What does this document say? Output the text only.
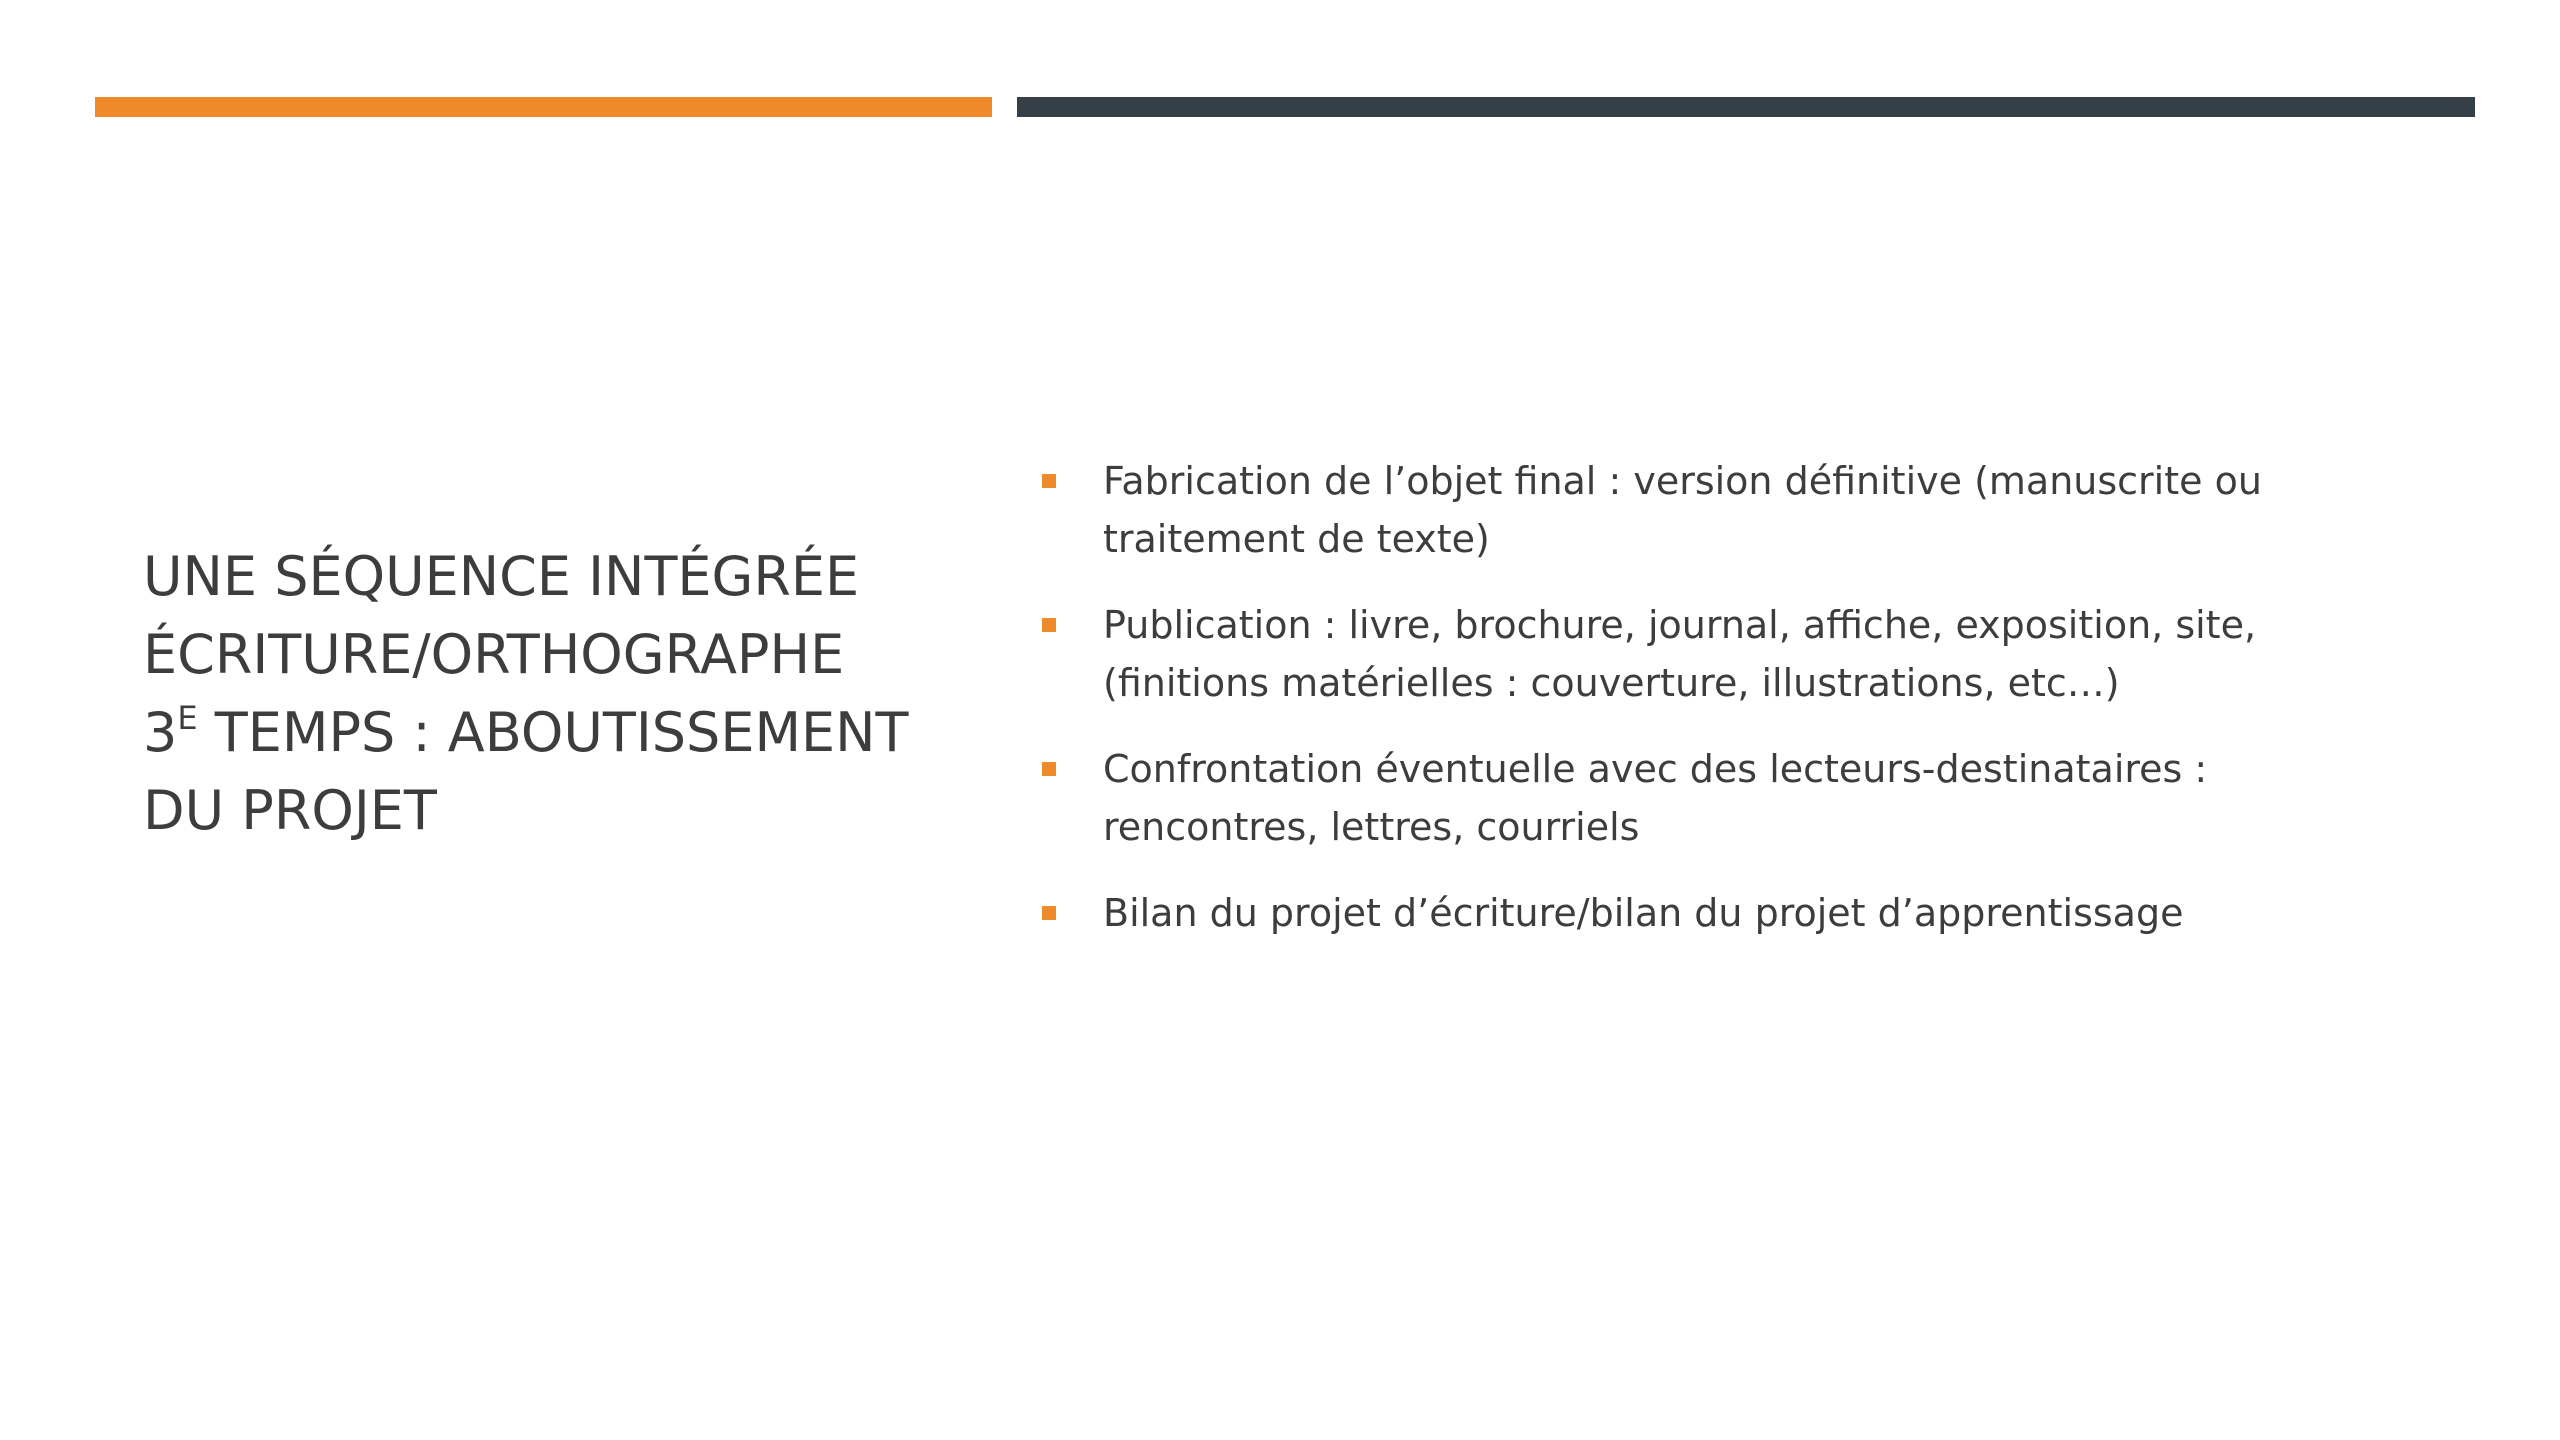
UNE SÉQUENCE INTÉGRÉE
ÉCRITURE/ORTHOGRAPHE
$3^E$ TEMPS : ABOUTISSEMENT
DU PROJET
Fabrication de l’objet final : version définitive (manuscrite ou
traitement de texte)
Publication : livre, brochure, journal, affiche, exposition, site,
(finitions matérielles : couverture, illustrations, etc…)
Confrontation éventuelle avec des lecteurs-destinataires :
rencontres, lettres, courriels
Bilan du projet d’écriture/bilan du projet d’apprentissage
